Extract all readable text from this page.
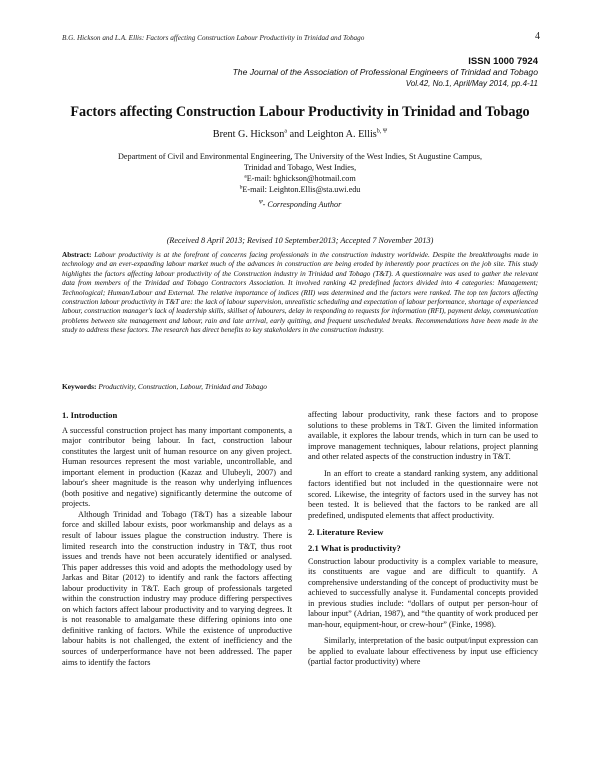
B.G. Hickson and L.A. Ellis: Factors affecting Construction Labour Productivity in Trinidad and Tobago	4
ISSN 1000 7924
The Journal of the Association of Professional Engineers of Trinidad and Tobago
Vol.42, No.1, April/May 2014, pp.4-11
Factors affecting Construction Labour Productivity in Trinidad and Tobago
Brent G. Hickson$^a$ and Leighton A. Ellis$^{b, \Psi}$
Department of Civil and Environmental Engineering, The University of the West Indies, St Augustine Campus,
Trinidad and Tobago, West Indies,
$^a$E-mail: bghickson@hotmail.com
$^b$E-mail: Leighton.Ellis@sta.uwi.edu
$^\Psi$- Corresponding Author
(Received 8 April 2013; Revised 10 September2013; Accepted 7 November 2013)
Abstract: Labour productivity is at the forefront of concerns facing professionals in the construction industry worldwide. Despite the breakthroughs made in technology and an ever-expanding labour market much of the advances in construction are being eroded by inherently poor practices on the job site. This study highlights the factors affecting labour productivity of the Construction industry in Trinidad and Tobago (T&T). A questionnaire was used to gather the relevant data from members of the Trinidad and Tobago Contractors Association. It involved ranking 42 predefined factors divided into 4 categories: Management; Technological; Human/Labour and External. The relative importance of indices (RII) was determined and the factors were ranked. The top ten factors affecting construction labour productivity in T&T are: the lack of labour supervision, unrealistic scheduling and expectation of labour performance, shortage of experienced labour, construction manager's lack of leadership skills, skillset of labourers, delay in responding to requests for information (RFI), payment delay, communication problems between site management and labour, rain and late arrival, early quitting, and frequent unscheduled breaks. Recommendations have been made in the study to address these factors. The research has direct benefits to key stakeholders in the construction industry.
Keywords: Productivity, Construction, Labour, Trinidad and Tobago
1. Introduction

A successful construction project has many important components, a major contributor being labour. In fact, construction labour constitutes the largest unit of human resource on any given project. Human resources represent the most variable, uncontrollable, and important element in production (Kazaz and Ulubeyli, 2007) and labour's sheer magnitude is the reason why underlying influences (both positive and negative) significantly determine the outcome of projects.

Although Trinidad and Tobago (T&T) has a sizeable labour force and skilled labour exists, poor workmanship and delays as a result of labour issues plague the construction industry. There is limited research into the construction industry in T&T, thus root issues and trends have not been accurately identified or analysed. This paper addresses this void and adopts the methodology used by Jarkas and Bitar (2012) to identify and rank the factors affecting labour productivity in T&T. Each group of professionals targeted within the construction industry may produce differing perspectives on which factors affect labour productivity and to varying degrees. It is not reasonable to amalgamate these differing opinions into one definitive ranking of factors. While the existence of unproductive labour habits is not challenged, the extent of inefficiency and the sources of underperformance have not been addressed. The paper aims to identify the factors

affecting labour productivity, rank these factors and to propose solutions to these problems in T&T. Given the limited information available, it explores the labour trends, which in turn can be used to improve management techniques, labour relations, project planning and other related aspects of the construction industry in T&T.

In an effort to create a standard ranking system, any additional factors identified but not included in the questionnaire were not scored. Likewise, the integrity of factors used in the survey has not been tested. It is believed that the factors to be ranked are all predefined, undisputed elements that affect productivity.

2. Literature Review
2.1 What is productivity?

Construction labour productivity is a complex variable to measure, its constituents are vague and are difficult to quantify. A comprehensive understanding of the concept of productivity must be achieved to successfully analyse it. Fundamental concepts provided in previous studies include: “dollars of output per person-hour of labour input” (Adrian, 1987), and “the quantity of work produced per man-hour, equipment-hour, or crew-hour” (Finke, 1998).

Similarly, interpretation of the basic output/input expression can be applied to evaluate labour effectiveness by input use efficiency (partial factor productivity) where
